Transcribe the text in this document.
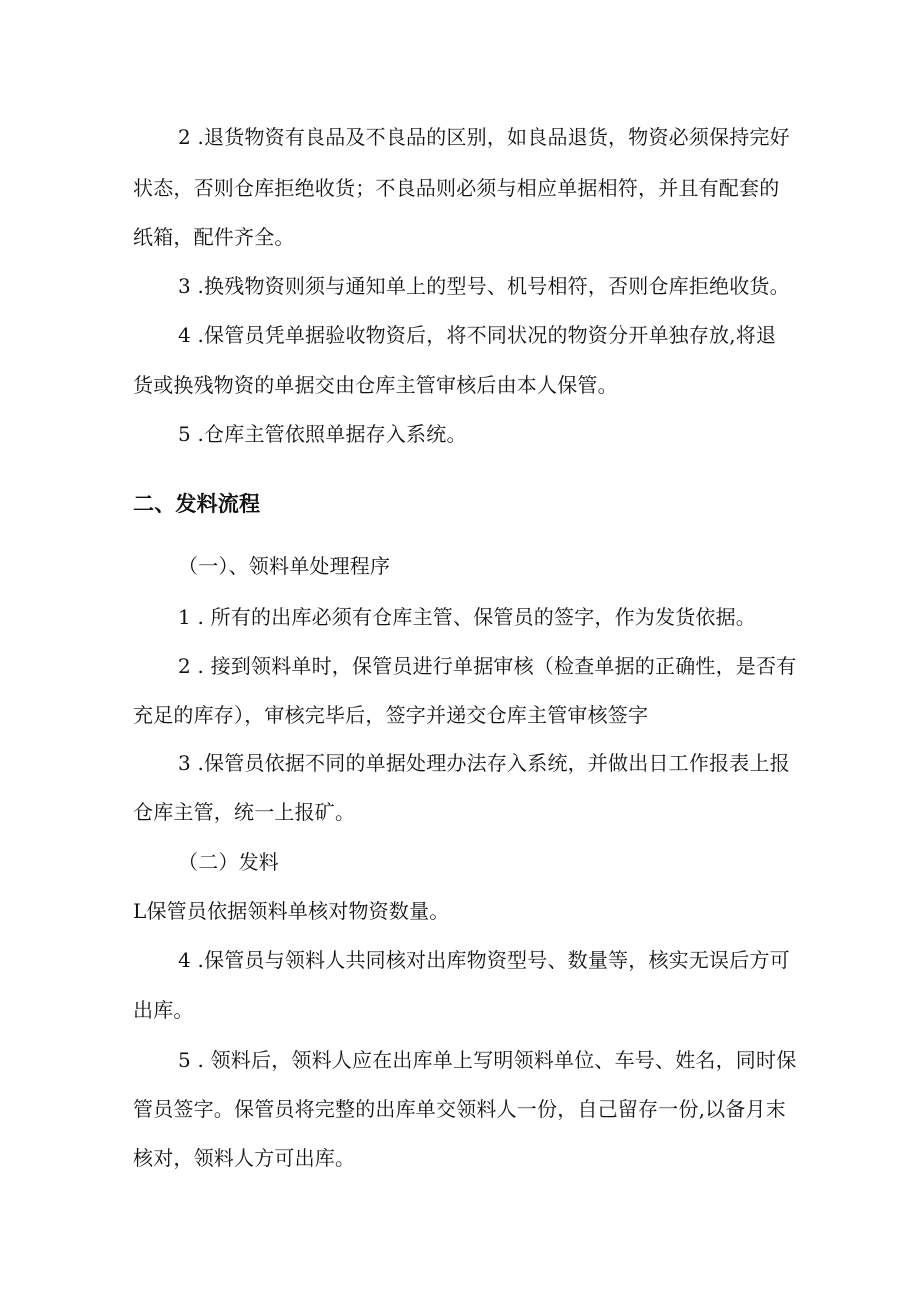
2 .退货物资有良品及不良品的区别，如良品退货，物资必须保持完好
状态，否则仓库拒绝收货；不良品则必须与相应单据相符，并且有配套的
纸箱，配件齐全。
3 .换残物资则须与通知单上的型号、机号相符，否则仓库拒绝收货。
4 .保管员凭单据验收物资后，将不同状况的物资分开单独存放,将退
货或换残物资的单据交由仓库主管审核后由本人保管。
5 .仓库主管依照单据存入系统。
二、发料流程
（一）、领料单处理程序
1 . 所有的出库必须有仓库主管、保管员的签字，作为发货依据。
2 . 接到领料单时，保管员进行单据审核（检查单据的正确性，是否有
充足的库存），审核完毕后，签字并递交仓库主管审核签字
3 .保管员依据不同的单据处理办法存入系统，并做出日工作报表上报
仓库主管，统一上报矿。
（二）发料
L保管员依据领料单核对物资数量。
4 .保管员与领料人共同核对出库物资型号、数量等，核实无误后方可
出库。
5 . 领料后，领料人应在出库单上写明领料单位、车号、姓名，同时保
管员签字。保管员将完整的出库单交领料人一份，自己留存一份,以备月末
核对，领料人方可出库。
